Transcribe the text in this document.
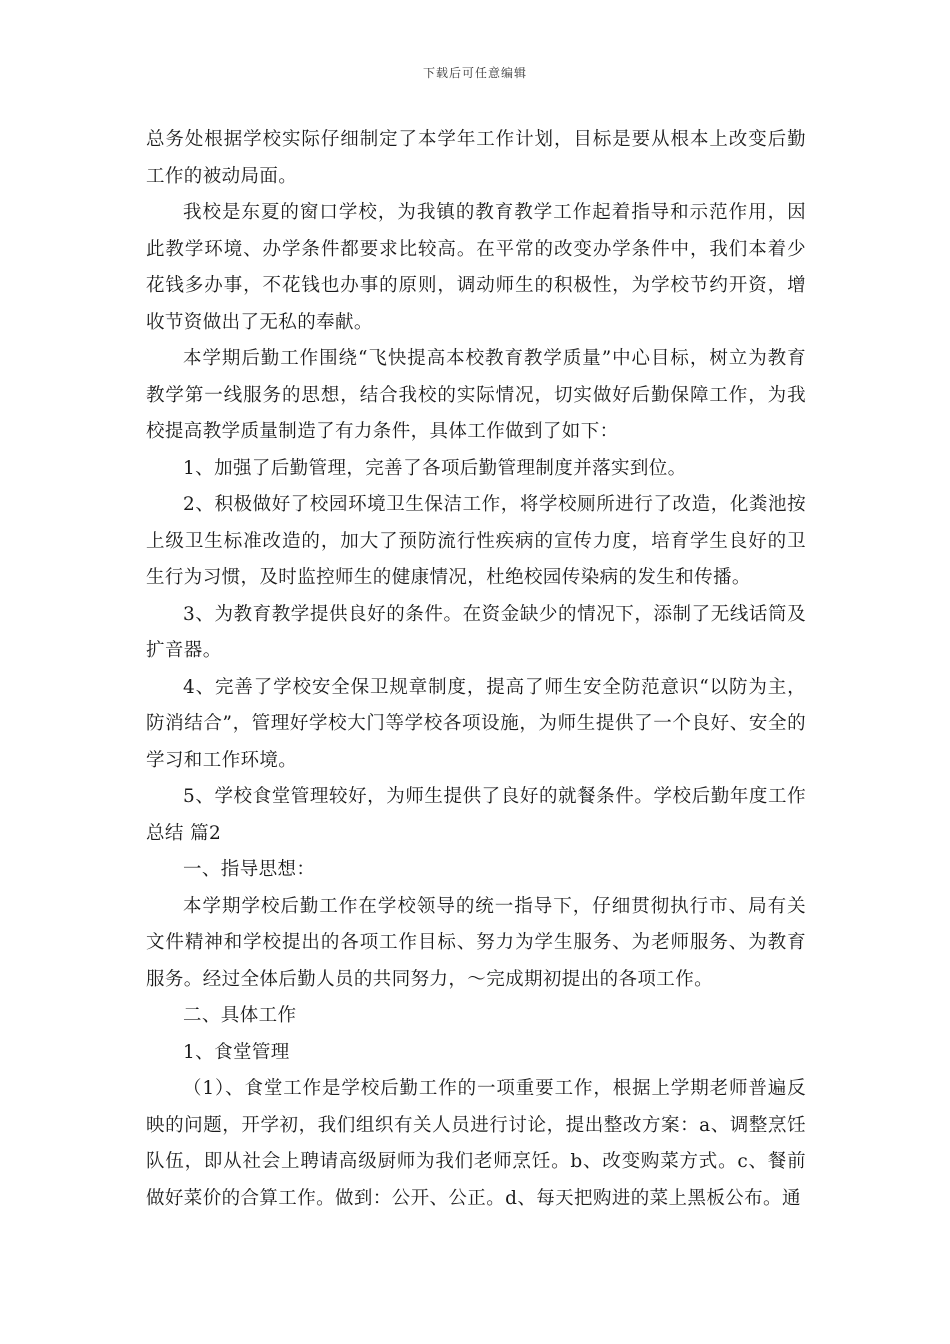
下载后可任意编辑

总务处根据学校实际仔细制定了本学年工作计划，目标是要从根本上改变后勤工作的被动局面。

我校是东夏的窗口学校，为我镇的教育教学工作起着指导和示范作用，因此教学环境、办学条件都要求比较高。在平常的改变办学条件中，我们本着少花钱多办事，不花钱也办事的原则，调动师生的积极性，为学校节约开资，增收节资做出了无私的奉献。

本学期后勤工作围绕“飞快提高本校教育教学质量”中心目标，树立为教育教学第一线服务的思想，结合我校的实际情况，切实做好后勤保障工作，为我校提高教学质量制造了有力条件，具体工作做到了如下：

1、加强了后勤管理，完善了各项后勤管理制度并落实到位。

2、积极做好了校园环境卫生保洁工作，将学校厕所进行了改造，化粪池按上级卫生标准改造的，加大了预防流行性疾病的宣传力度，培育学生良好的卫生行为习惯，及时监控师生的健康情况，杜绝校园传染病的发生和传播。

3、为教育教学提供良好的条件。在资金缺少的情况下，添制了无线话筒及扩音器。

4、完善了学校安全保卫规章制度，提高了师生安全防范意识“以防为主，防消结合”，管理好学校大门等学校各项设施，为师生提供了一个良好、安全的学习和工作环境。

5、学校食堂管理较好，为师生提供了良好的就餐条件。学校后勤年度工作总结 篇2

一、指导思想：

本学期学校后勤工作在学校领导的统一指导下，仔细贯彻执行市、局有关文件精神和学校提出的各项工作目标、努力为学生服务、为老师服务、为教育服务。经过全体后勤人员的共同努力，～完成期初提出的各项工作。

二、具体工作

1、食堂管理

（1）、食堂工作是学校后勤工作的一项重要工作，根据上学期老师普遍反映的问题，开学初，我们组织有关人员进行讨论，提出整改方案：a、调整烹饪队伍，即从社会上聘请高级厨师为我们老师烹饪。b、改变购菜方式。c、餐前做好菜价的合算工作。做到：公开、公正。d、每天把购进的菜上黑板公布。通
